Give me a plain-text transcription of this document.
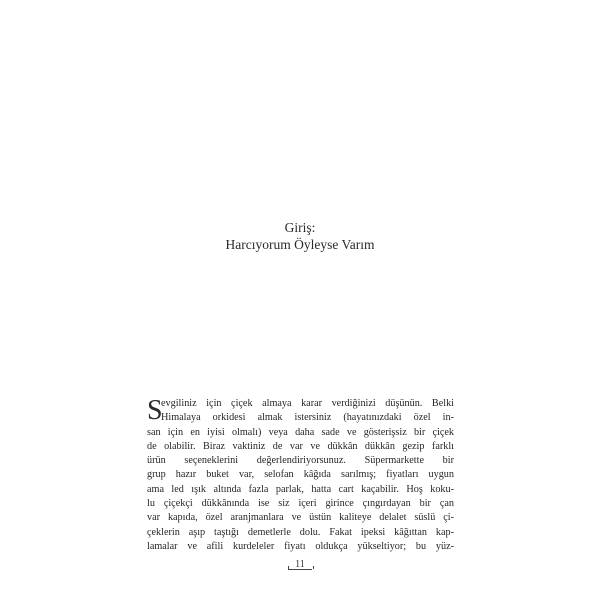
Giriş:
Harcıyorum Öyleyse Varım
S
evgiliniz için çiçek almaya karar verdiğinizi düşünün. Belki
Himalaya orkidesi almak istersiniz (hayatınızdaki özel in-
san için en iyisi olmalı) veya daha sade ve gösterişsiz bir çiçek
de olabilir. Biraz vaktiniz de var ve dükkân dükkân gezip farklı
ürün seçeneklerini değerlendiriyorsunuz. Süpermarkette bir
grup hazır buket var, selofan kâğıda sarılmış; fiyatları uygun
ama led ışık altında fazla parlak, hatta cart kaçabilir. Hoş koku-
lu çiçekçi dükkânında ise siz içeri girince çıngırdayan bir çan
var kapıda, özel aranjmanlara ve üstün kaliteye delalet süslü çi-
çeklerin aşıp taştığı demetlerle dolu. Fakat ipeksi kâğıttan kap-
lamalar ve afili kurdeleler fiyatı oldukça yükseltiyor; bu yüz-
11
